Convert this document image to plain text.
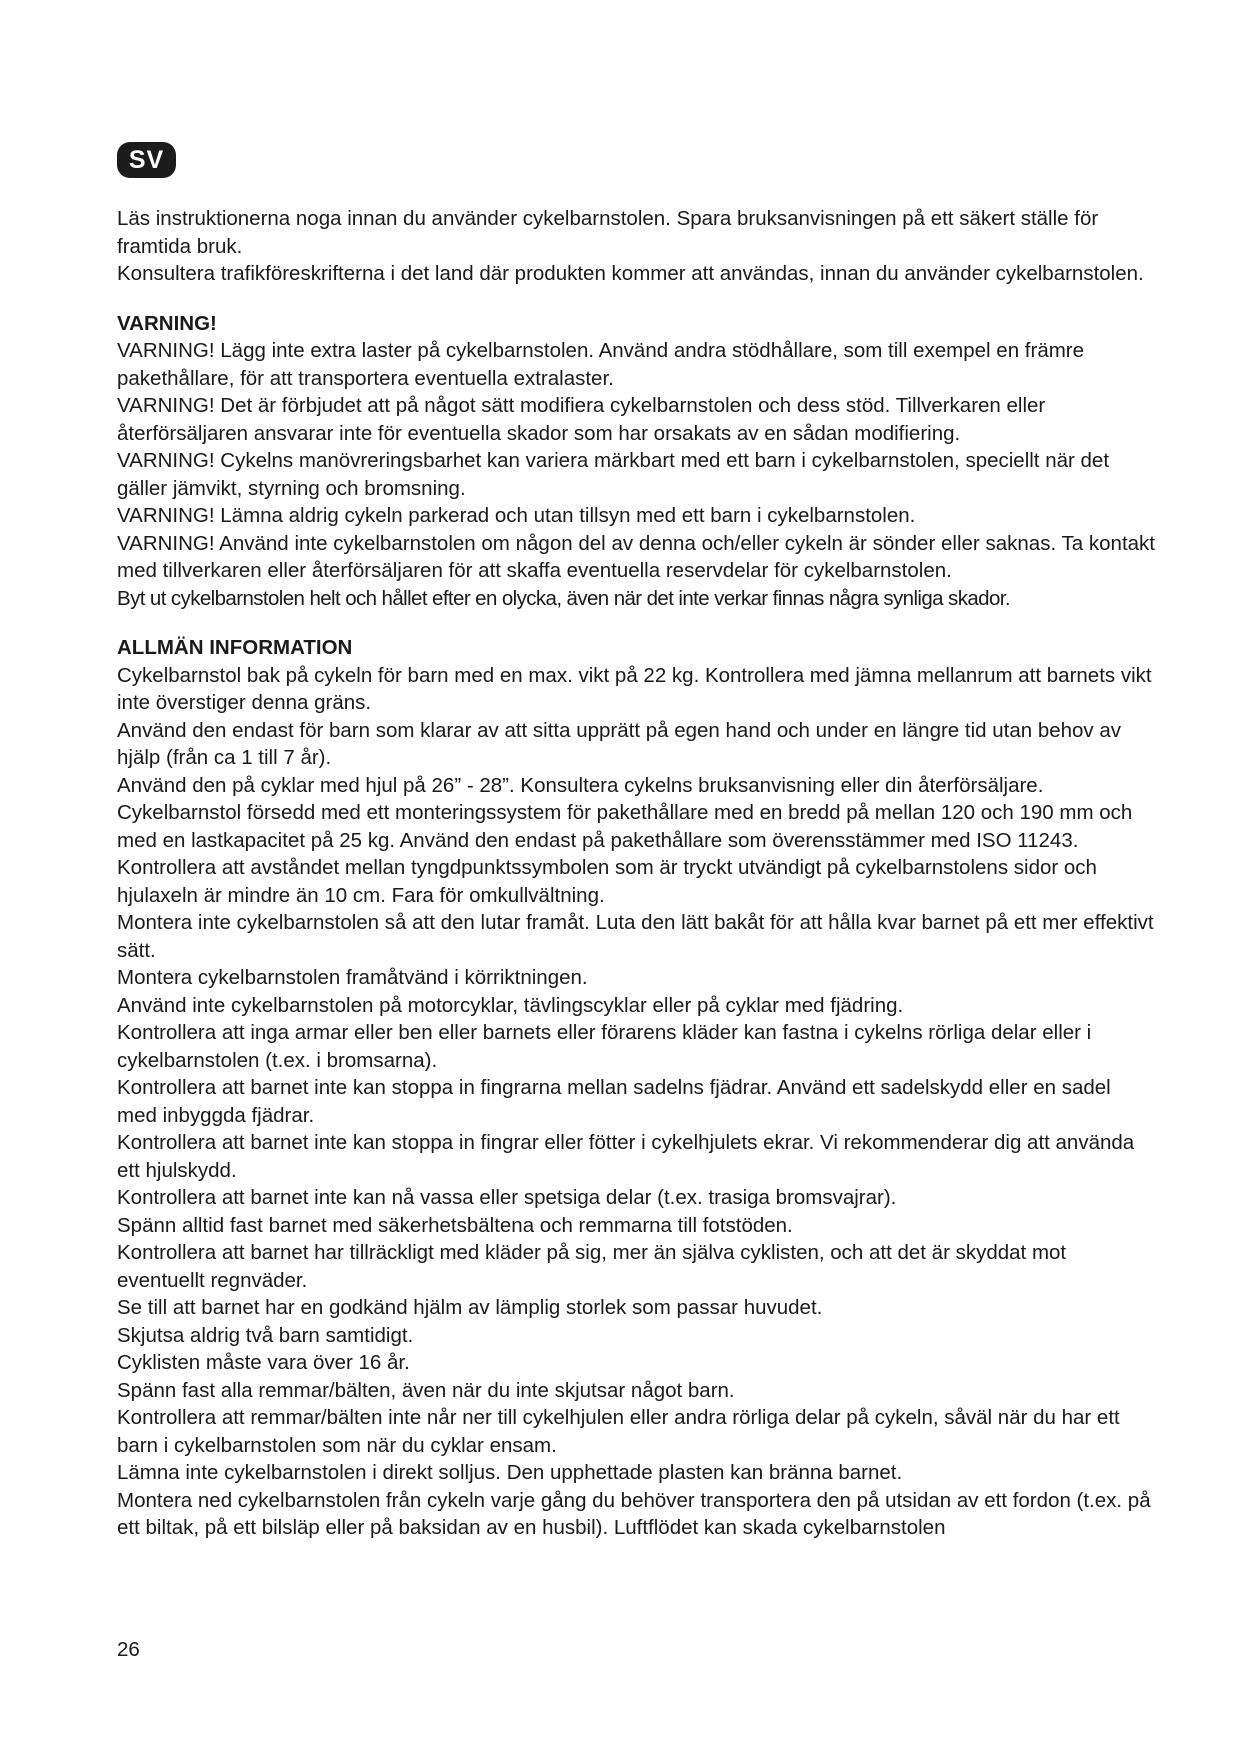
SV

Läs instruktionerna noga innan du använder cykelbarnstolen. Spara bruksanvisningen på ett säkert ställe för framtida bruk.

Konsultera trafikföreskrifterna i det land där produkten kommer att användas, innan du använder cykelbarnstolen.

VARNING!

VARNING! Lägg inte extra laster på cykelbarnstolen. Använd andra stödhållare, som till exempel en främre pakethållare, för att transportera eventuella extralaster.

VARNING! Det är förbjudet att på något sätt modifiera cykelbarnstolen och dess stöd. Tillverkaren eller återförsäljaren ansvarar inte för eventuella skador som har orsakats av en sådan modifiering.

VARNING! Cykelns manövreringsbarhet kan variera märkbart med ett barn i cykelbarnstolen, speciellt när det gäller jämvikt, styrning och bromsning.

VARNING! Lämna aldrig cykeln parkerad och utan tillsyn med ett barn i cykelbarnstolen.

VARNING! Använd inte cykelbarnstolen om någon del av denna och/eller cykeln är sönder eller saknas. Ta kontakt med tillverkaren eller återförsäljaren för att skaffa eventuella reservdelar för cykelbarnstolen.

Byt ut cykelbarnstolen helt och hållet efter en olycka, även när det inte verkar finnas några synliga skador.

ALLMÄN INFORMATION

Cykelbarnstol bak på cykeln för barn med en max. vikt på 22 kg. Kontrollera med jämna mellanrum att barnets vikt inte överstiger denna gräns.

Använd den endast för barn som klarar av att sitta upprätt på egen hand och under en längre tid utan behov av hjälp (från ca 1 till 7 år).

Använd den på cyklar med hjul på 26” - 28”. Konsultera cykelns bruksanvisning eller din återförsäljare.

Cykelbarnstol försedd med ett monteringssystem för pakethållare med en bredd på mellan 120 och 190 mm och med en lastkapacitet på 25 kg. Använd den endast på pakethållare som överensstämmer med ISO 11243.

Kontrollera att avståndet mellan tyngdpunktssymbolen som är tryckt utvändigt på cykelbarnstolens sidor och hjulaxeln är mindre än 10 cm. Fara för omkullvältning.

Montera inte cykelbarnstolen så att den lutar framåt. Luta den lätt bakåt för att hålla kvar barnet på ett mer effektivt sätt.

Montera cykelbarnstolen framåtvänd i körriktningen.

Använd inte cykelbarnstolen på motorcyklar, tävlingscyklar eller på cyklar med fjädring.

Kontrollera att inga armar eller ben eller barnets eller förarens kläder kan fastna i cykelns rörliga delar eller i cykelbarnstolen (t.ex. i bromsarna).

Kontrollera att barnet inte kan stoppa in fingrarna mellan sadelns fjädrar. Använd ett sadelskydd eller en sadel med inbyggda fjädrar.

Kontrollera att barnet inte kan stoppa in fingrar eller fötter i cykelhjulets ekrar. Vi rekommenderar dig att använda ett hjulskydd.

Kontrollera att barnet inte kan nå vassa eller spetsiga delar (t.ex. trasiga bromsvajrar).

Spänn alltid fast barnet med säkerhetsbältena och remmarna till fotstöden.

Kontrollera att barnet har tillräckligt med kläder på sig, mer än själva cyklisten, och att det är skyddat mot eventuellt regnväder.

Se till att barnet har en godkänd hjälm av lämplig storlek som passar huvudet.

Skjutsa aldrig två barn samtidigt.

Cyklisten måste vara över 16 år.

Spänn fast alla remmar/bälten, även när du inte skjutsar något barn.

Kontrollera att remmar/bälten inte når ner till cykelhjulen eller andra rörliga delar på cykeln, såväl när du har ett barn i cykelbarnstolen som när du cyklar ensam.

Lämna inte cykelbarnstolen i direkt solljus. Den upphettade plasten kan bränna barnet.

Montera ned cykelbarnstolen från cykeln varje gång du behöver transportera den på utsidan av ett fordon (t.ex. på ett biltak, på ett bilsläp eller på baksidan av en husbil). Luftflödet kan skada cykelbarnstolen

26
